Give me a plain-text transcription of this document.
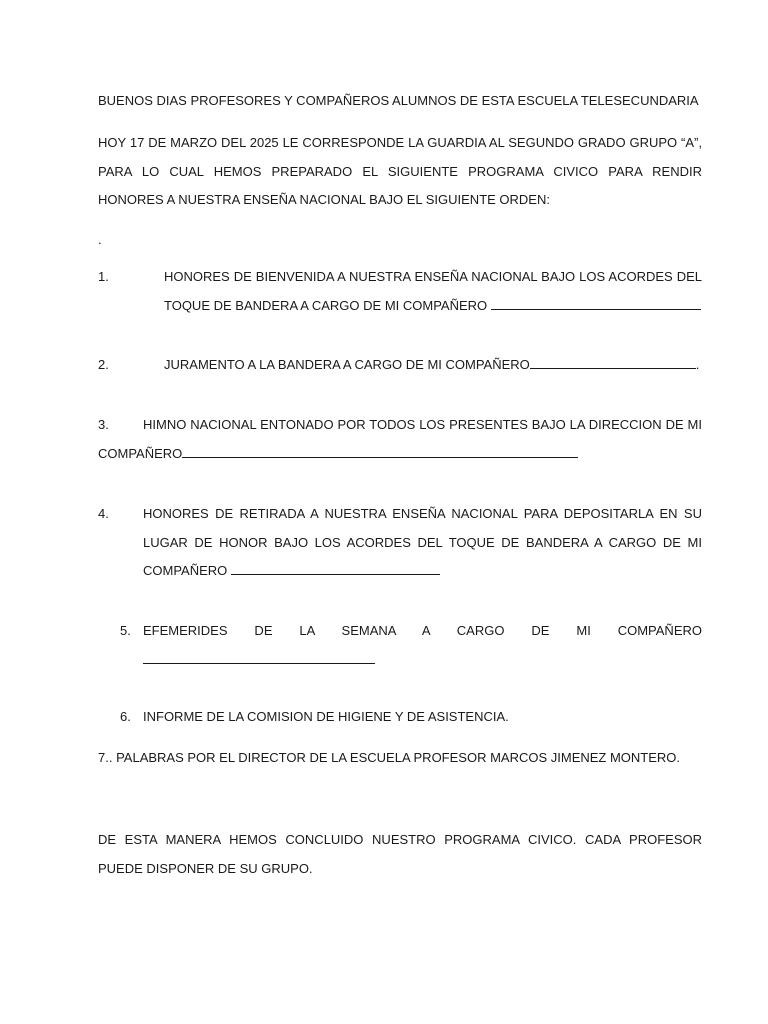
BUENOS DIAS PROFESORES Y COMPAÑEROS ALUMNOS DE ESTA ESCUELA TELESECUNDARIA

HOY 17 DE MARZO DEL 2025 LE CORRESPONDE LA GUARDIA AL SEGUNDO GRADO GRUPO “A”, PARA LO CUAL HEMOS PREPARADO EL SIGUIENTE PROGRAMA CIVICO PARA RENDIR HONORES A NUESTRA ENSEÑA NACIONAL BAJO EL SIGUIENTE ORDEN:

.

1.	HONORES DE BIENVENIDA A NUESTRA ENSEÑA NACIONAL BAJO LOS ACORDES DEL TOQUE DE BANDERA A CARGO DE MI COMPAÑERO
2.	JURAMENTO A LA BANDERA A CARGO DE MI COMPAÑERO	.
3.	HIMNO NACIONAL ENTONADO POR TODOS LOS PRESENTES BAJO LA DIRECCION DE MI COMPAÑERO
4.	HONORES DE RETIRADA A NUESTRA ENSEÑA NACIONAL PARA DEPOSITARLA EN SU LUGAR DE HONOR BAJO LOS ACORDES DEL TOQUE DE BANDERA A CARGO DE MI COMPAÑERO
5. EFEMERIDES DE LA SEMANA A CARGO DE MI COMPAÑERO
6. INFORME DE LA COMISION DE HIGIENE Y DE ASISTENCIA.
7.. PALABRAS POR EL DIRECTOR DE LA ESCUELA PROFESOR MARCOS JIMENEZ MONTERO.

DE ESTA MANERA HEMOS CONCLUIDO NUESTRO PROGRAMA CIVICO. CADA PROFESOR PUEDE DISPONER DE SU GRUPO.
